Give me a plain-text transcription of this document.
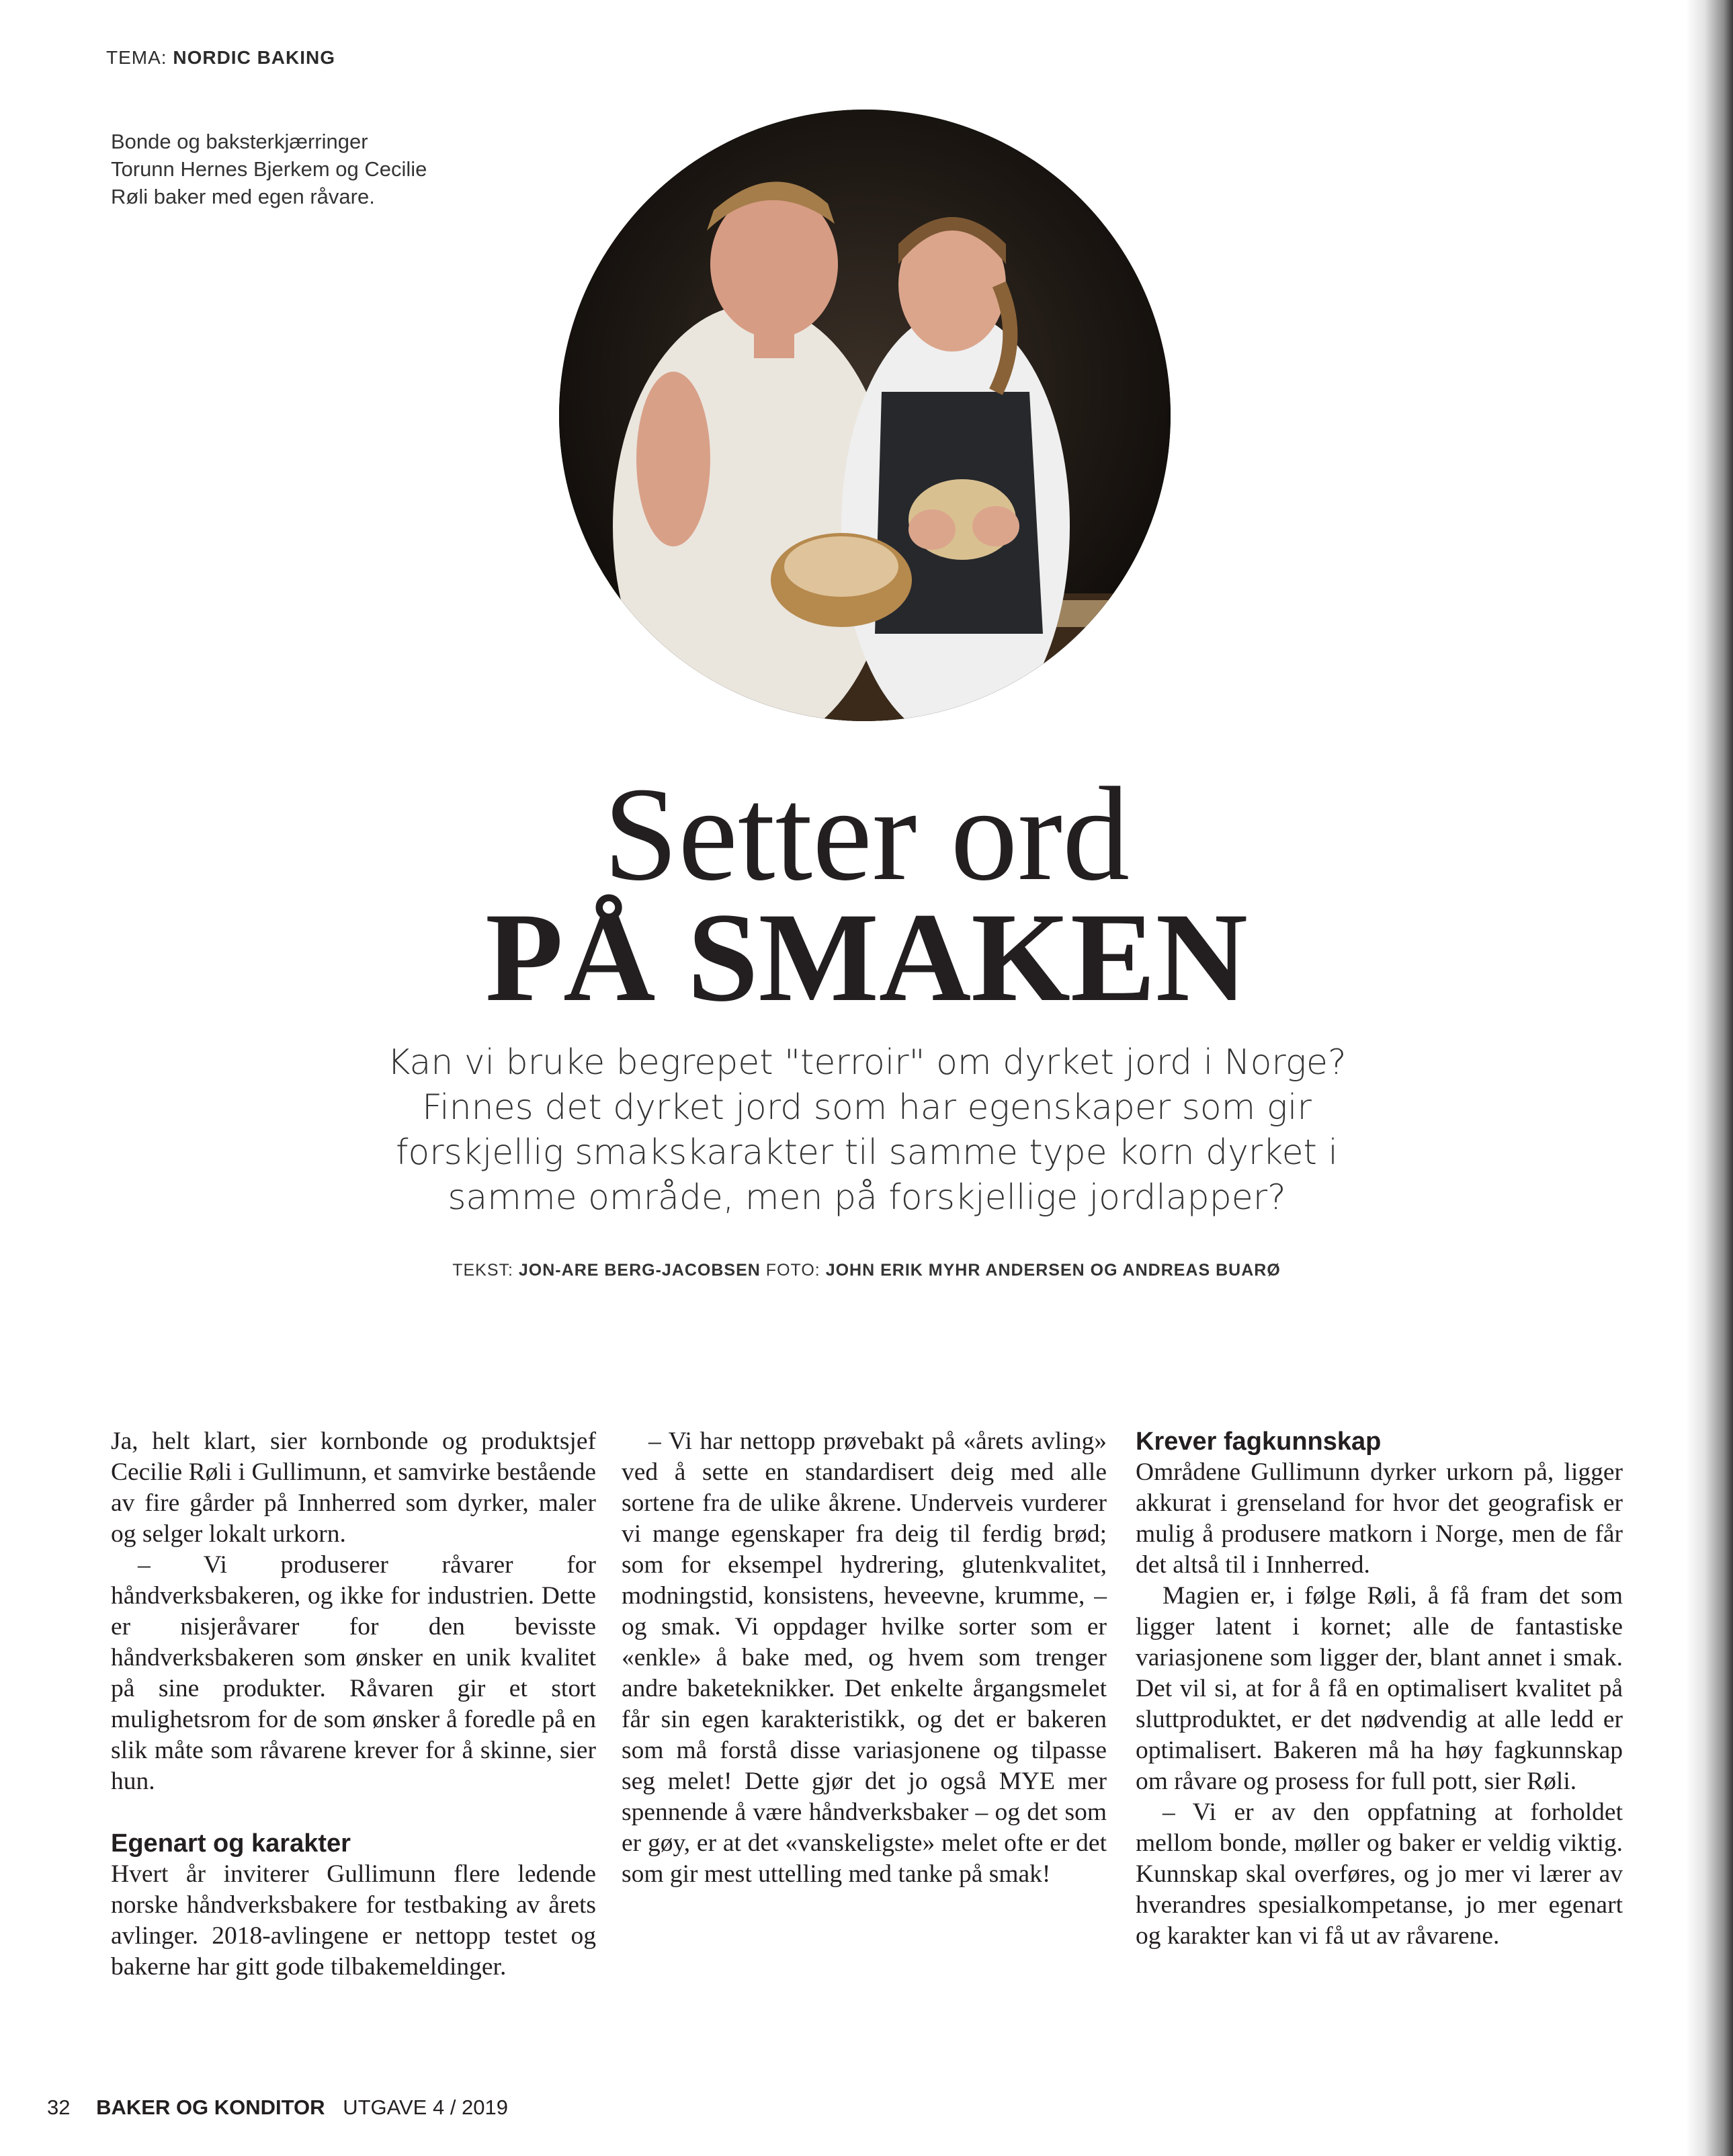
TEMA: NORDIC BAKING
Bonde og baksterkjærringer Torunn Hernes Bjerkem og Cecilie Røli baker med egen råvare.
Setter ord
PÅ SMAKEN
Kan vi bruke begrepet "terroir" om dyrket jord i Norge? Finnes det dyrket jord som har egenskaper som gir forskjellig smakskarakter til samme type korn dyrket i samme område, men på forskjellige jordlapper?
TEKST: JON-ARE BERG-JACOBSEN FOTO: JOHN ERIK MYHR ANDERSEN OG ANDREAS BUARØ

Ja, helt klart, sier kornbonde og produktsjef Cecilie Røli i Gullimunn, et samvirke bestående av fire gårder på Innherred som dyrker, maler og selger lokalt urkorn.

– Vi produserer råvarer for håndverksbakeren, og ikke for industrien. Dette er nisjeråvarer for den bevisste håndverksbakeren som ønsker en unik kvalitet på sine produkter. Råvaren gir et stort mulighetsrom for de som ønsker å foredle på en slik måte som råvarene krever for å skinne, sier hun.

Egenart og karakter

Hvert år inviterer Gullimunn flere ledende norske håndverksbakere for testbaking av årets avlinger. 2018-avlingene er nettopp testet og bakerne har gitt gode tilbakemeldinger.

– Vi har nettopp prøvebakt på «årets avling» ved å sette en standardisert deig med alle sortene fra de ulike åkrene. Underveis vurderer vi mange egenskaper fra deig til ferdig brød; som for eksempel hydrering, glutenkvalitet, modningstid, konsistens, heveevne, krumme, – og smak. Vi oppdager hvilke sorter som er «enkle» å bake med, og hvem som trenger andre baketeknikker. Det enkelte årgangsmelet får sin egen karakteristikk, og det er bakeren som må forstå disse variasjonene og tilpasse seg melet! Dette gjør det jo også MYE mer spennende å være håndverksbaker – og det som er gøy, er at det «vanskeligste» melet ofte er det som gir mest uttelling med tanke på smak!

Krever fagkunnskap

Områdene Gullimunn dyrker urkorn på, ligger akkurat i grenseland for hvor det geografisk er mulig å produsere matkorn i Norge, men de får det altså til i Innherred.

Magien er, i følge Røli, å få fram det som ligger latent i kornet; alle de fantastiske variasjonene som ligger der, blant annet i smak. Det vil si, at for å få en optimalisert kvalitet på sluttproduktet, er det nødvendig at alle ledd er optimalisert. Bakeren må ha høy fagkunnskap om råvare og prosess for full pott, sier Røli.

– Vi er av den oppfatning at forholdet mellom bonde, møller og baker er veldig viktig. Kunnskap skal overføres, og jo mer vi lærer av hverandres spesialkompetanse, jo mer egenart og karakter kan vi få ut av råvarene.

32 BAKER OG KONDITOR UTGAVE 4 / 2019
